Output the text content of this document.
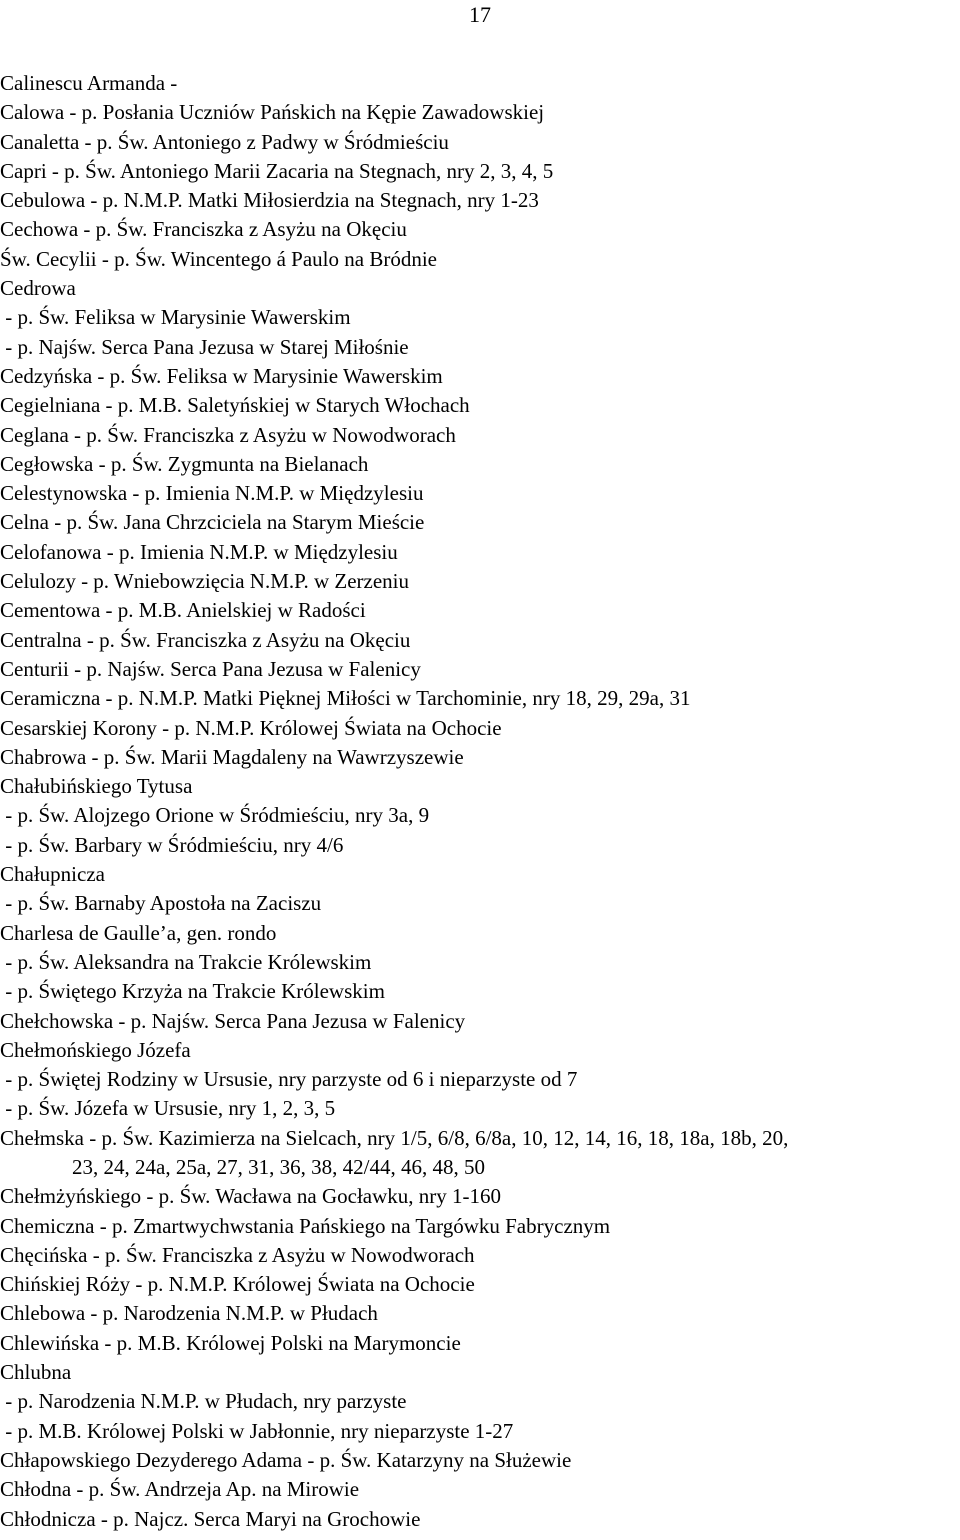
17
Calinescu Armanda -
Calowa - p. Posłania Uczniów Pańskich na Kępie Zawadowskiej
Canaletta - p. Św. Antoniego z Padwy w Śródmieściu
Capri - p. Św. Antoniego Marii Zacaria na Stegnach, nry 2, 3, 4, 5
Cebulowa - p. N.M.P. Matki Miłosierdzia na Stegnach, nry 1-23
Cechowa - p. Św. Franciszka z Asyżu na Okęciu
Św. Cecylii - p. Św. Wincentego á Paulo na Bródnie
Cedrowa
- p. Św. Feliksa w Marysinie Wawerskim
- p. Najśw. Serca Pana Jezusa w Starej Miłośnie
Cedzyńska - p. Św. Feliksa w Marysinie Wawerskim
Cegielniana - p. M.B. Saletyńskiej w Starych Włochach
Ceglana - p. Św. Franciszka z Asyżu w Nowodworach
Cegłowska - p. Św. Zygmunta na Bielanach
Celestynowska - p. Imienia N.M.P. w Międzylesiu
Celna - p. Św. Jana Chrzciciela na Starym Mieście
Celofanowa - p. Imienia N.M.P. w Międzylesiu
Celulozy - p. Wniebowzięcia N.M.P. w Zerzeniu
Cementowa - p. M.B. Anielskiej w Radości
Centralna - p. Św. Franciszka z Asyżu na Okęciu
Centurii - p. Najśw. Serca Pana Jezusa w Falenicy
Ceramiczna - p. N.M.P. Matki Pięknej Miłości w Tarchominie, nry 18, 29, 29a, 31
Cesarskiej Korony - p. N.M.P. Królowej Świata na Ochocie
Chabrowa - p. Św. Marii Magdaleny na Wawrzyszewie
Chałubińskiego Tytusa
- p. Św. Alojzego Orione w Śródmieściu, nry 3a, 9
- p. Św. Barbary w Śródmieściu, nry 4/6
Chałupnicza
- p. Św. Barnaby Apostoła na Zaciszu
Charlesa de Gaulle’a, gen. rondo
- p. Św. Aleksandra na Trakcie Królewskim
- p. Świętego Krzyża na Trakcie Królewskim
Chełchowska - p. Najśw. Serca Pana Jezusa w Falenicy
Chełmońskiego Józefa
- p. Świętej Rodziny w Ursusie, nry parzyste od 6 i nieparzyste od 7
- p. Św. Józefa w Ursusie, nry 1, 2, 3, 5
Chełmska - p. Św. Kazimierza na Sielcach, nry 1/5, 6/8, 6/8a, 10, 12, 14, 16, 18, 18a, 18b, 20,
23, 24, 24a, 25a, 27, 31, 36, 38, 42/44, 46, 48, 50
Chełmżyńskiego - p. Św. Wacława na Gocławku, nry 1-160
Chemiczna - p. Zmartwychwstania Pańskiego na Targówku Fabrycznym
Chęcińska - p. Św. Franciszka z Asyżu w Nowodworach
Chińskiej Róży - p. N.M.P. Królowej Świata na Ochocie
Chlebowa - p. Narodzenia N.M.P. w Płudach
Chlewińska - p. M.B. Królowej Polski na Marymoncie
Chlubna
- p. Narodzenia N.M.P. w Płudach, nry parzyste
- p. M.B. Królowej Polski w Jabłonnie, nry nieparzyste 1-27
Chłapowskiego Dezyderego Adama - p. Św. Katarzyny na Służewie
Chłodna - p. Św. Andrzeja Ap. na Mirowie
Chłodnicza - p. Najcz. Serca Maryi na Grochowie
